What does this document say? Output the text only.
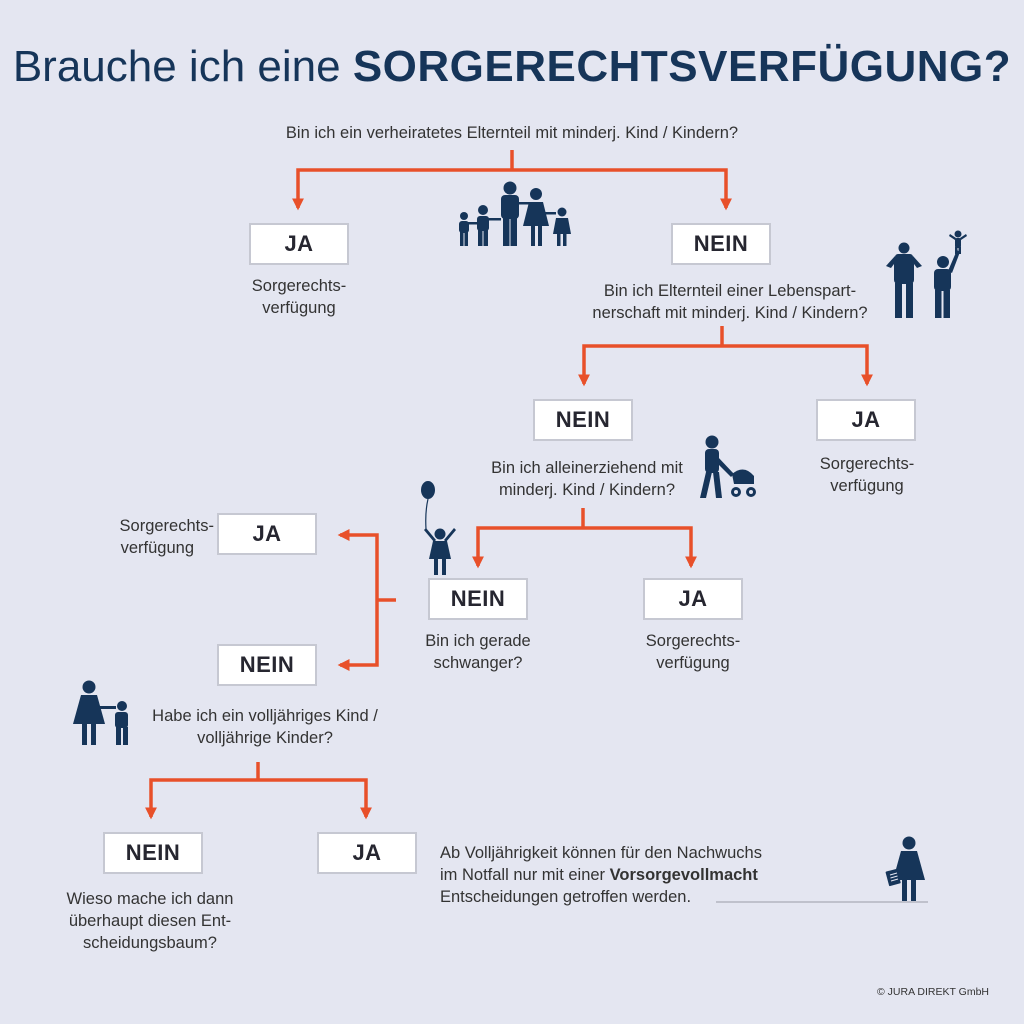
Brauche ich eine SORGERECHTSVERFÜGUNG?
Bin ich ein verheiratetes Elternteil mit minderj. Kind / Kindern?
JA
Sorgerechts-
verfügung
NEIN
Bin ich Elternteil einer Lebenspart-
nerschaft mit minderj. Kind / Kindern?
NEIN	JA
Sorgerechts-
verfügung
Bin ich alleinerziehend mit
minderj. Kind / Kindern?
NEIN	JA
Sorgerechts-
verfügung
Bin ich gerade
schwanger?
JA
Sorgerechts-
verfügung
NEIN
Habe ich ein volljähriges Kind /
volljährige Kinder?
NEIN
Wieso mache ich dann
überhaupt diesen Ent-
scheidungsbaum?
JA	Ab Volljährigkeit können für den Nachwuchs
im Notfall nur mit einer Vorsorgevollmacht
Entscheidungen getroffen werden.
© JURA DIREKT GmbH
